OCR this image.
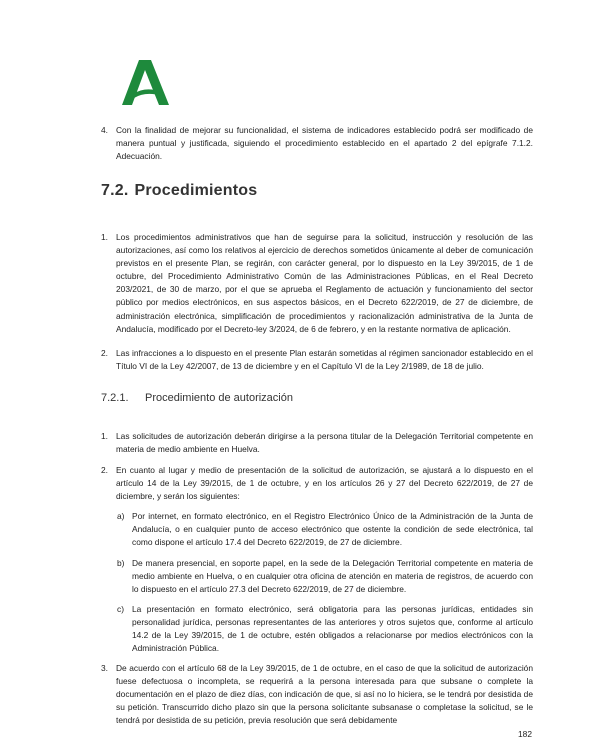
4. Con la finalidad de mejorar su funcionalidad, el sistema de indicadores establecido podrá ser modificado de manera puntual y justificada, siguiendo el procedimiento establecido en el apartado 2 del epígrafe 7.1.2. Adecuación.
7.2. Procedimientos
1. Los procedimientos administrativos que han de seguirse para la solicitud, instrucción y resolución de las autorizaciones, así como los relativos al ejercicio de derechos sometidos únicamente al deber de comunicación previstos en el presente Plan, se regirán, con carácter general, por lo dispuesto en la Ley 39/2015, de 1 de octubre, del Procedimiento Administrativo Común de las Administraciones Públicas, en el Real Decreto 203/2021, de 30 de marzo, por el que se aprueba el Reglamento de actuación y funcionamiento del sector público por medios electrónicos, en sus aspectos básicos, en el Decreto 622/2019, de 27 de diciembre, de administración electrónica, simplificación de procedimientos y racionalización administrativa de la Junta de Andalucía, modificado por el Decreto-ley 3/2024, de 6 de febrero, y en la restante normativa de aplicación.
2. Las infracciones a lo dispuesto en el presente Plan estarán sometidas al régimen sancionador establecido en el Título VI de la Ley 42/2007, de 13 de diciembre y en el Capítulo VI de la Ley 2/1989, de 18 de julio.
7.2.1. Procedimiento de autorización
1. Las solicitudes de autorización deberán dirigirse a la persona titular de la Delegación Territorial competente en materia de medio ambiente en Huelva.
2. En cuanto al lugar y medio de presentación de la solicitud de autorización, se ajustará a lo dispuesto en el artículo 14 de la Ley 39/2015, de 1 de octubre, y en los artículos 26 y 27 del Decreto 622/2019, de 27 de diciembre, y serán los siguientes:
a) Por internet, en formato electrónico, en el Registro Electrónico Único de la Administración de la Junta de Andalucía, o en cualquier punto de acceso electrónico que ostente la condición de sede electrónica, tal como dispone el artículo 17.4 del Decreto 622/2019, de 27 de diciembre.
b) De manera presencial, en soporte papel, en la sede de la Delegación Territorial competente en materia de medio ambiente en Huelva, o en cualquier otra oficina de atención en materia de registros, de acuerdo con lo dispuesto en el artículo 27.3 del Decreto 622/2019, de 27 de diciembre.
c) La presentación en formato electrónico, será obligatoria para las personas jurídicas, entidades sin personalidad jurídica, personas representantes de las anteriores y otros sujetos que, conforme al artículo 14.2 de la Ley 39/2015, de 1 de octubre, estén obligados a relacionarse por medios electrónicos con la Administración Pública.
3. De acuerdo con el artículo 68 de la Ley 39/2015, de 1 de octubre, en el caso de que la solicitud de autorización fuese defectuosa o incompleta, se requerirá a la persona interesada para que subsane o complete la documentación en el plazo de diez días, con indicación de que, si así no lo hiciera, se le tendrá por desistida de su petición. Transcurrido dicho plazo sin que la persona solicitante subsanase o completase la solicitud, se le tendrá por desistida de su petición, previa resolución que será debidamente
182
